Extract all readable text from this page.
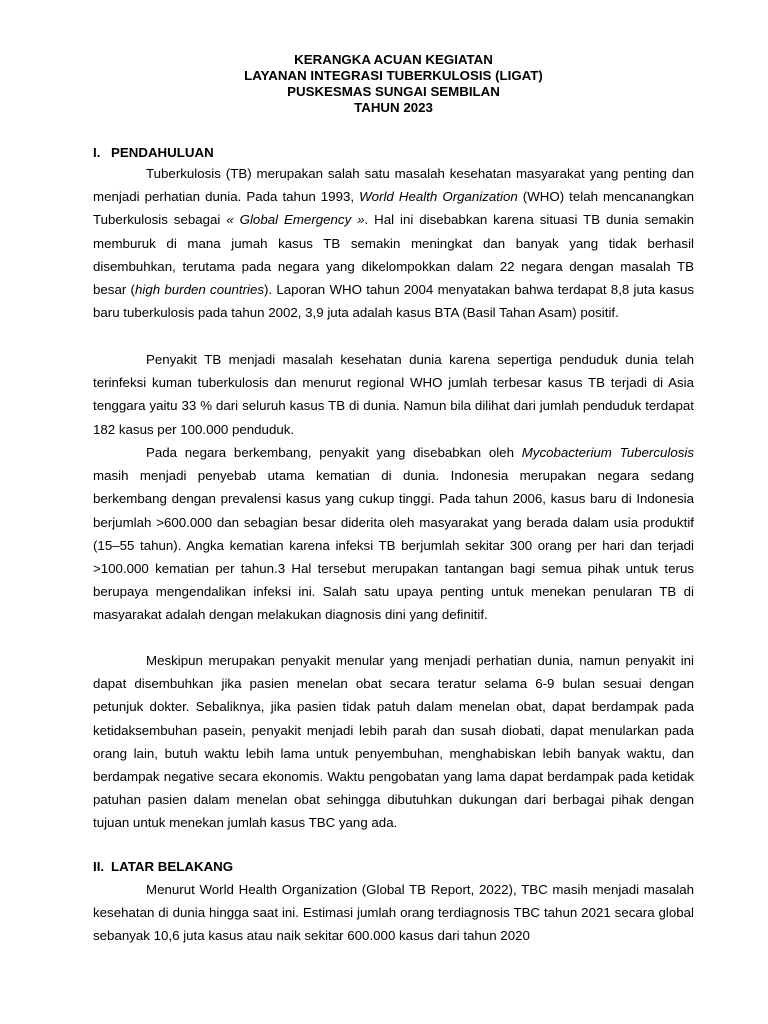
KERANGKA ACUAN KEGIATAN
LAYANAN INTEGRASI TUBERKULOSIS (LIGAT)
PUSKESMAS SUNGAI SEMBILAN
TAHUN 2023
I. PENDAHULUAN

Tuberkulosis (TB) merupakan salah satu masalah kesehatan masyarakat yang penting dan menjadi perhatian dunia. Pada tahun 1993, World Health Organization (WHO) telah mencanangkan Tuberkulosis sebagai « Global Emergency ». Hal ini disebabkan karena situasi TB dunia semakin memburuk di mana jumah kasus TB semakin meningkat dan banyak yang tidak berhasil disembuhkan, terutama pada negara yang dikelompokkan dalam 22 negara dengan masalah TB besar (high burden countries). Laporan WHO tahun 2004 menyatakan bahwa terdapat 8,8 juta kasus baru tuberkulosis pada tahun 2002, 3,9 juta adalah kasus BTA (Basil Tahan Asam) positif.

Penyakit TB menjadi masalah kesehatan dunia karena sepertiga penduduk dunia telah terinfeksi kuman tuberkulosis dan menurut regional WHO jumlah terbesar kasus TB terjadi di Asia tenggara yaitu 33 % dari seluruh kasus TB di dunia. Namun bila dilihat dari jumlah penduduk terdapat 182 kasus per 100.000 penduduk.

Pada negara berkembang, penyakit yang disebabkan oleh Mycobacterium Tuberculosis masih menjadi penyebab utama kematian di dunia. Indonesia merupakan negara sedang berkembang dengan prevalensi kasus yang cukup tinggi. Pada tahun 2006, kasus baru di Indonesia berjumlah >600.000 dan sebagian besar diderita oleh masyarakat yang berada dalam usia produktif (15–55 tahun). Angka kematian karena infeksi TB berjumlah sekitar 300 orang per hari dan terjadi >100.000 kematian per tahun.3 Hal tersebut merupakan tantangan bagi semua pihak untuk terus berupaya mengendalikan infeksi ini. Salah satu upaya penting untuk menekan penularan TB di masyarakat adalah dengan melakukan diagnosis dini yang definitif.

Meskipun merupakan penyakit menular yang menjadi perhatian dunia, namun penyakit ini dapat disembuhkan jika pasien menelan obat secara teratur selama 6-9 bulan sesuai dengan petunjuk dokter. Sebaliknya, jika pasien tidak patuh dalam menelan obat, dapat berdampak pada ketidaksembuhan pasein, penyakit menjadi lebih parah dan susah diobati, dapat menularkan pada orang lain, butuh waktu lebih lama untuk penyembuhan, menghabiskan lebih banyak waktu, dan berdampak negative secara ekonomis. Waktu pengobatan yang lama dapat berdampak pada ketidak patuhan pasien dalam menelan obat sehingga dibutuhkan dukungan dari berbagai pihak dengan tujuan untuk menekan jumlah kasus TBC yang ada.

II. LATAR BELAKANG

Menurut World Health Organization (Global TB Report, 2022), TBC masih menjadi masalah kesehatan di dunia hingga saat ini. Estimasi jumlah orang terdiagnosis TBC tahun 2021 secara global sebanyak 10,6 juta kasus atau naik sekitar 600.000 kasus dari tahun 2020
